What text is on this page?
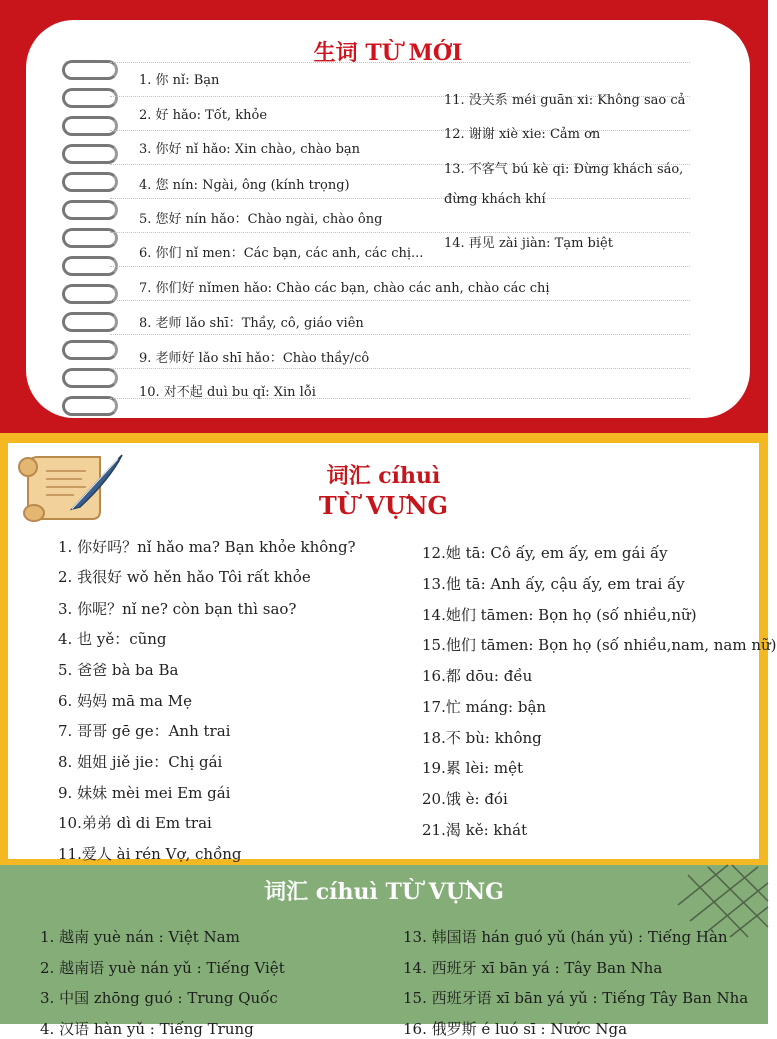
生词 TỪ MỚI
1. 你 nǐ: Bạn
2. 好 hǎo: Tốt, khỏe
3. 你好 nǐ hǎo: Xin chào, chào bạn
4. 您 nín: Ngài, ông (kính trọng)
5. 您好 nín hǎo：Chào ngài, chào ông
6. 你们 nǐ men：Các bạn, các anh, các chị...
7. 你们好 nǐmen hǎo: Chào các bạn, chào các anh, chào các chị
8. 老师 lǎo shī：Thầy, cô, giáo viên
9. 老师好 lǎo shī hǎo：Chào thầy/cô
10. 对不起 duì bu qǐ: Xin lỗi
11. 没关系 méi guān xi: Không sao cả
12. 谢谢 xiè xie: Cảm ơn
13. 不客气 bú kè qi: Đừng khách sáo,
đừng khách khí
14. 再见 zài jiàn: Tạm biệt
词汇 cíhuì
TỪ VỰNG
1. 你好吗？nǐ hǎo ma? Bạn khỏe không?
2. 我很好 wǒ hěn hǎo Tôi rất khỏe
3. 你呢？nǐ ne? còn bạn thì sao?
4. 也 yě：cũng
5. 爸爸 bà ba Ba
6. 妈妈 mā ma Mẹ
7. 哥哥 gē ge：Anh trai
8. 姐姐 jiě jie：Chị gái
9. 妹妹 mèi mei Em gái
10.弟弟 dì di Em trai
11.爱人 ài rén Vợ, chồng
12.她 tā: Cô ấy, em ấy, em gái ấy
13.他 tā: Anh ấy, cậu ấy, em trai ấy
14.她们 tāmen: Bọn họ (số nhiều,nữ)
15.他们 tāmen: Bọn họ (số nhiều,nam, nam nữ)
16.都 dōu: đều
17.忙 máng: bận
18.不 bù: không
19.累 lèi: mệt
20.饿 è: đói
21.渴 kě: khát
词汇 cíhuì TỪ VỰNG
1. 越南 yuè nán : Việt Nam
2. 越南语 yuè nán yǔ : Tiếng Việt
3. 中国 zhōng guó : Trung Quốc
4. 汉语 hàn yǔ : Tiếng Trung
13. 韩国语 hán guó yǔ (hán yǔ) : Tiếng Hàn
14. 西班牙 xī bān yá : Tây Ban Nha
15. 西班牙语 xī bān yá yǔ : Tiếng Tây Ban Nha
16. 俄罗斯 é luó sī : Nước Nga
